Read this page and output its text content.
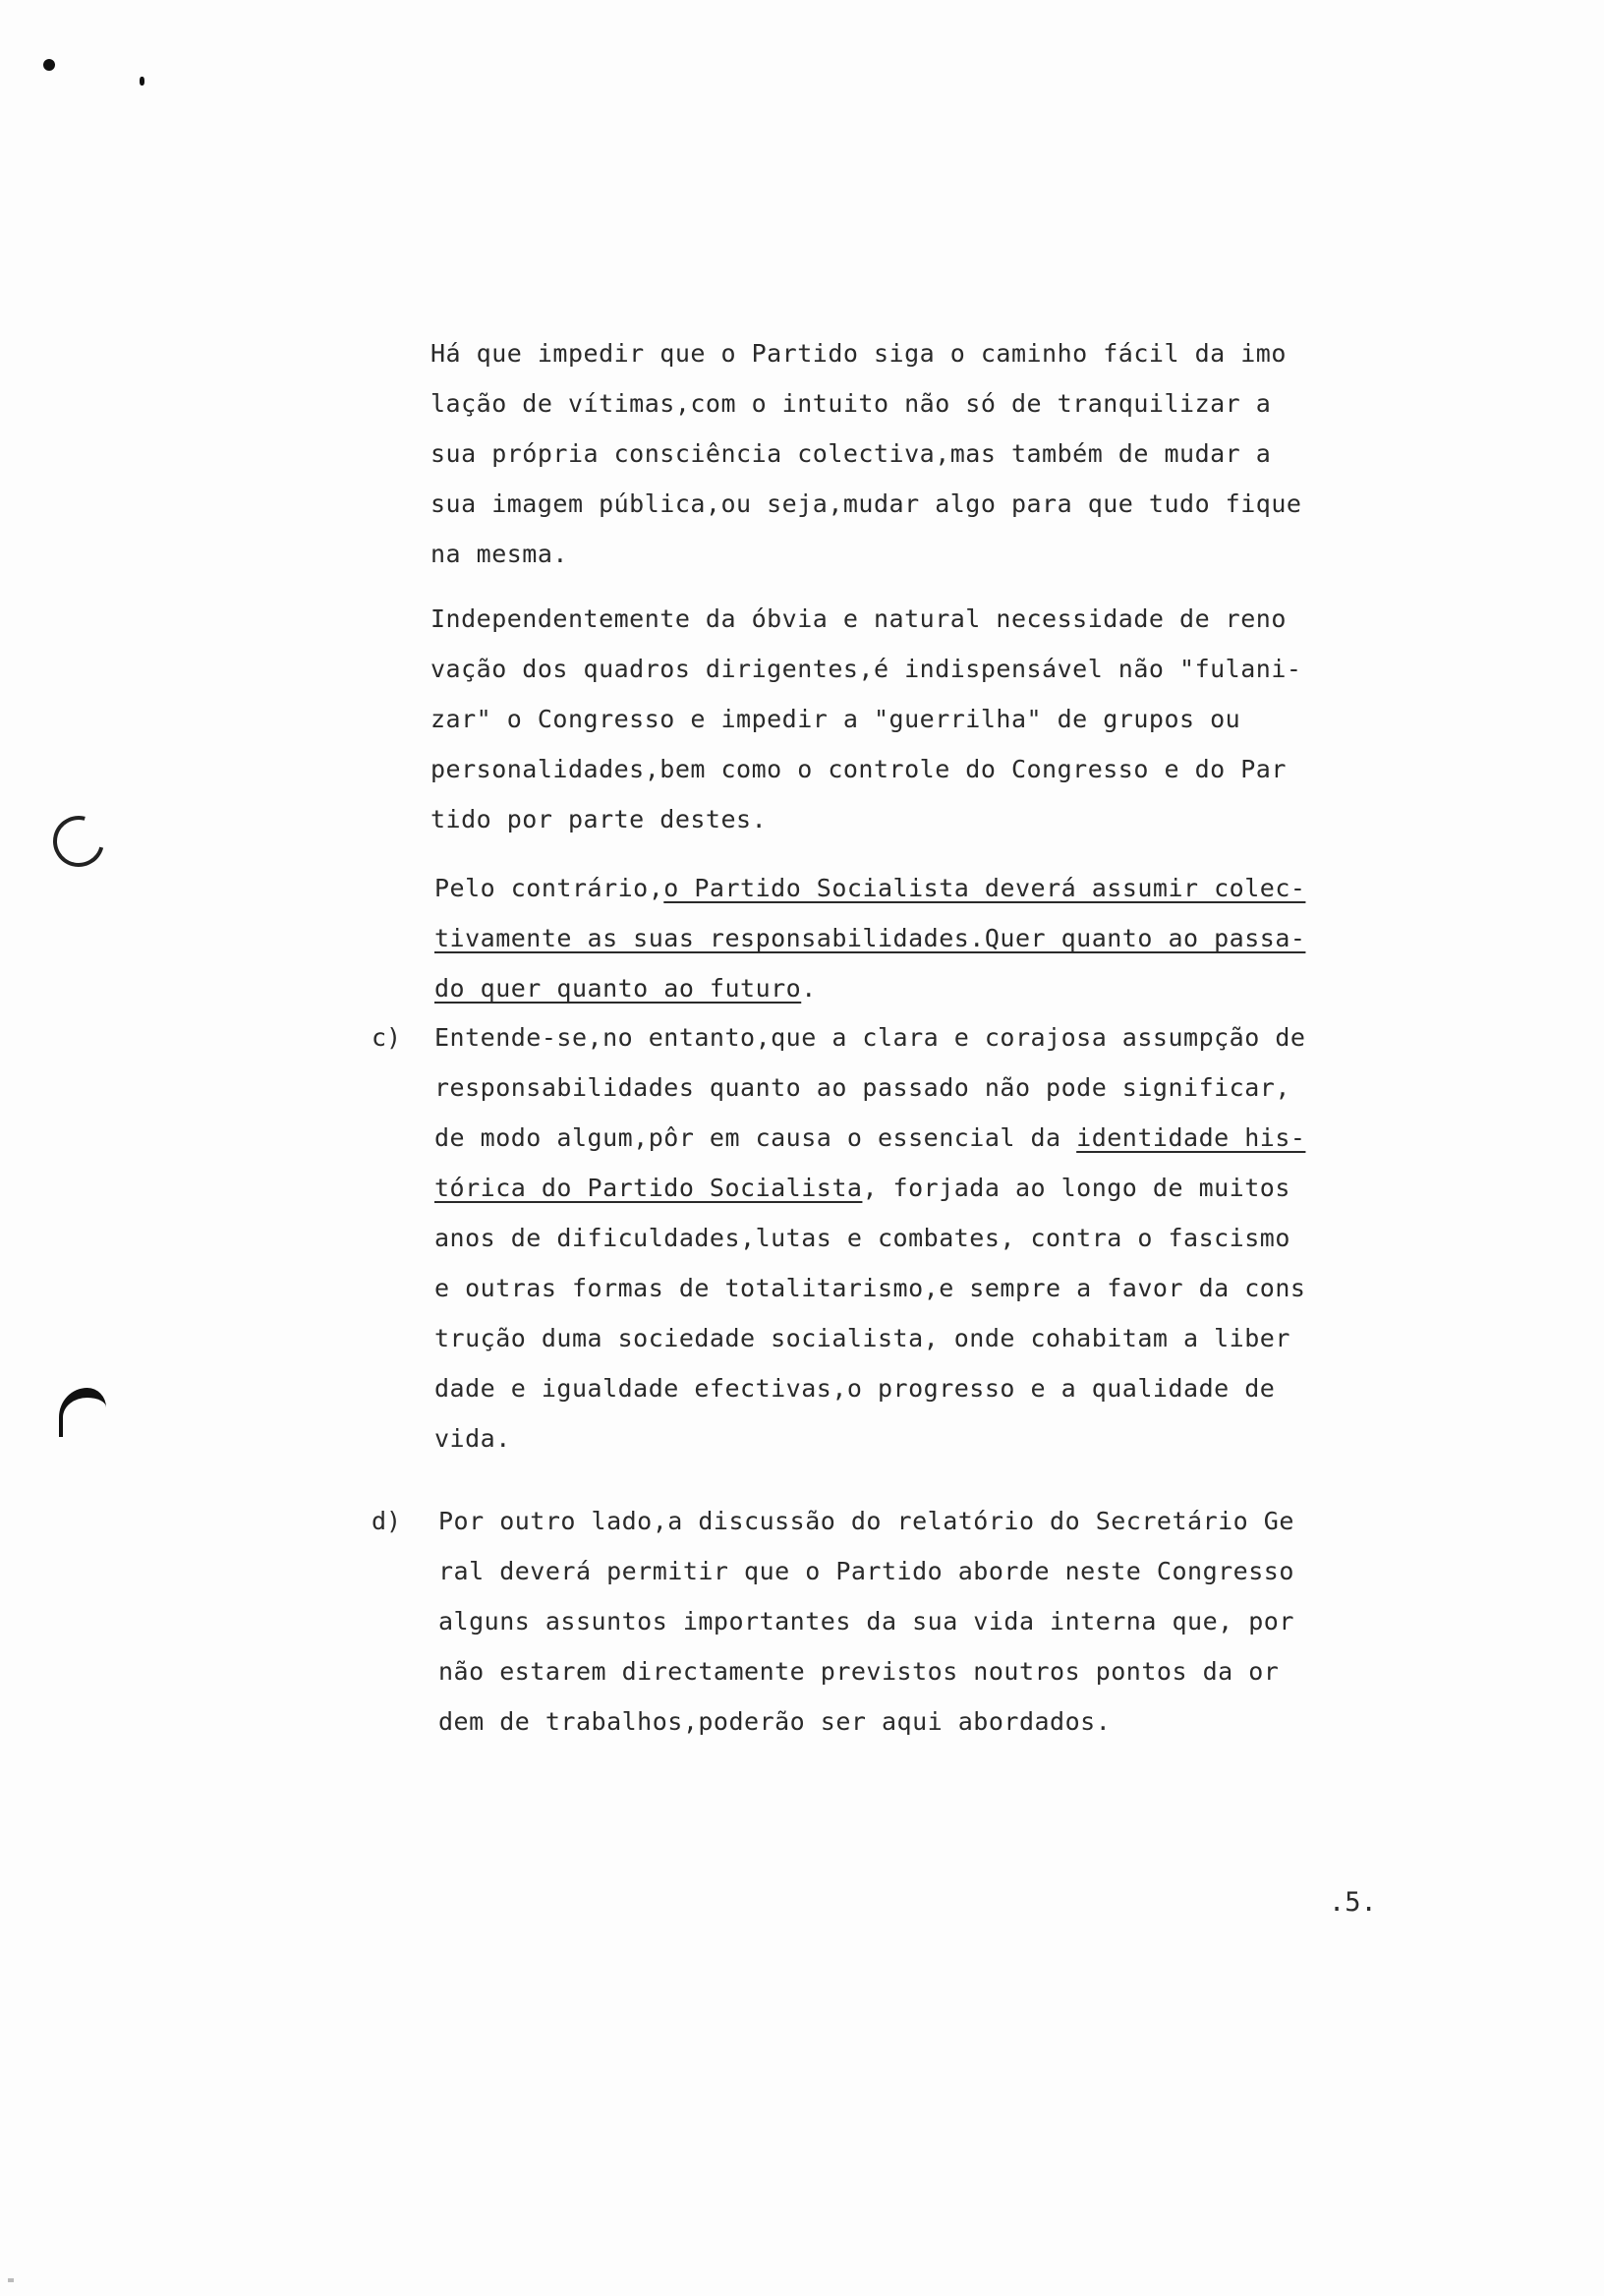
Há que impedir que o Partido siga o caminho fácil da imo
lação de vítimas,com o intuito não só de tranquilizar a
sua própria consciência colectiva,mas também de mudar a
sua imagem pública,ou seja,mudar algo para que tudo fique
na mesma.
Independentemente da óbvia e natural necessidade de reno
vação dos quadros dirigentes,é indispensável não "fulani-
zar" o Congresso e impedir a "guerrilha" de grupos ou
personalidades,bem como o controle do Congresso e do Par
tido por parte destes.
Pelo contrário,o Partido Socialista deverá assumir colec-
tivamente as suas responsabilidades.Quer quanto ao passa-
do quer quanto ao futuro.
c) Entende-se,no entanto,que a clara e corajosa assumpção de
responsabilidades quanto ao passado não pode significar,
de modo algum,pôr em causa o essencial da identidade his-
tórica do Partido Socialista, forjada ao longo de muitos
anos de dificuldades,lutas e combates, contra o fascismo
e outras formas de totalitarismo,e sempre a favor da cons
trução duma sociedade socialista, onde cohabitam a liber
dade e igualdade efectivas,o progresso e a qualidade de
vida.
d) Por outro lado,a discussão do relatório do Secretário Ge
ral deverá permitir que o Partido aborde neste Congresso
alguns assuntos importantes da sua vida interna que, por
não estarem directamente previstos noutros pontos da or
dem de trabalhos,poderão ser aqui abordados.
.5.
